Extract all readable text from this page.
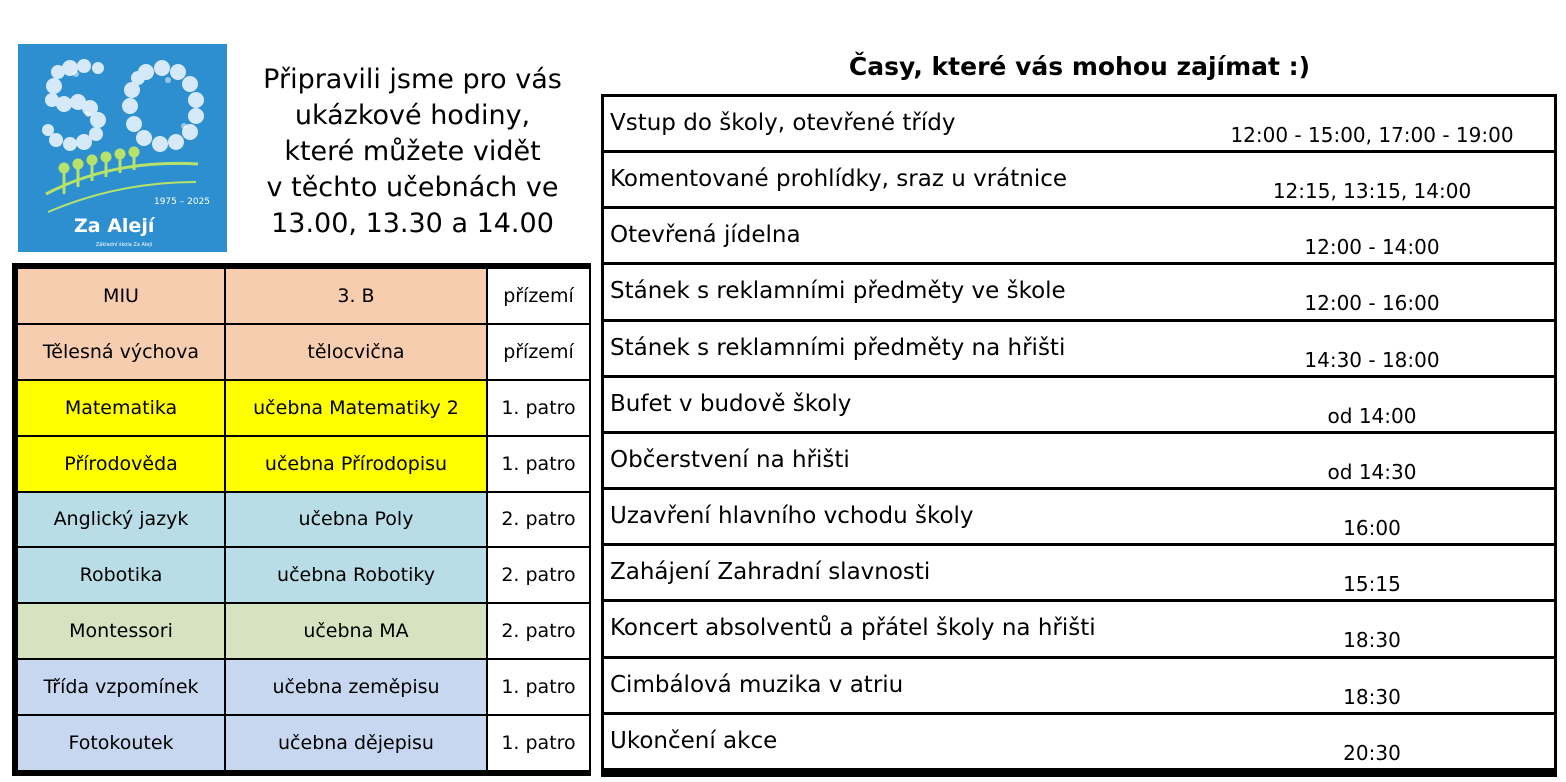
1975 – 2025
Za Alejí
Základní škola Za Alejí
Připravili jsme pro vás
ukázkové hodiny,
které můžete vidět
v těchto učebnách ve
13.00, 13.30 a 14.00
MIU	3. B	přízemí
Tělesná výchova	tělocvična	přízemí
Matematika	učebna Matematiky 2	1. patro
Přírodověda	učebna Přírodopisu	1. patro
Anglický jazyk	učebna Poly	2. patro
Robotika	učebna Robotiky	2. patro
Montessori	učebna MA	2. patro
Třída vzpomínek	učebna zeměpisu	1. patro
Fotokoutek	učebna dějepisu	1. patro
Časy, které vás mohou zajímat :)
Vstup do školy, otevřené třídy	12:00 - 15:00, 17:00 - 19:00
Komentované prohlídky, sraz u vrátnice	12:15, 13:15, 14:00
Otevřená jídelna	12:00 - 14:00
Stánek s reklamními předměty ve škole	12:00 - 16:00
Stánek s reklamními předměty na hřišti	14:30 - 18:00
Bufet v budově školy	od 14:00
Občerstvení na hřišti	od 14:30
Uzavření hlavního vchodu školy	16:00
Zahájení Zahradní slavnosti	15:15
Koncert absolventů a přátel školy na hřišti	18:30
Cimbálová muzika v atriu	18:30
Ukončení akce	20:30
